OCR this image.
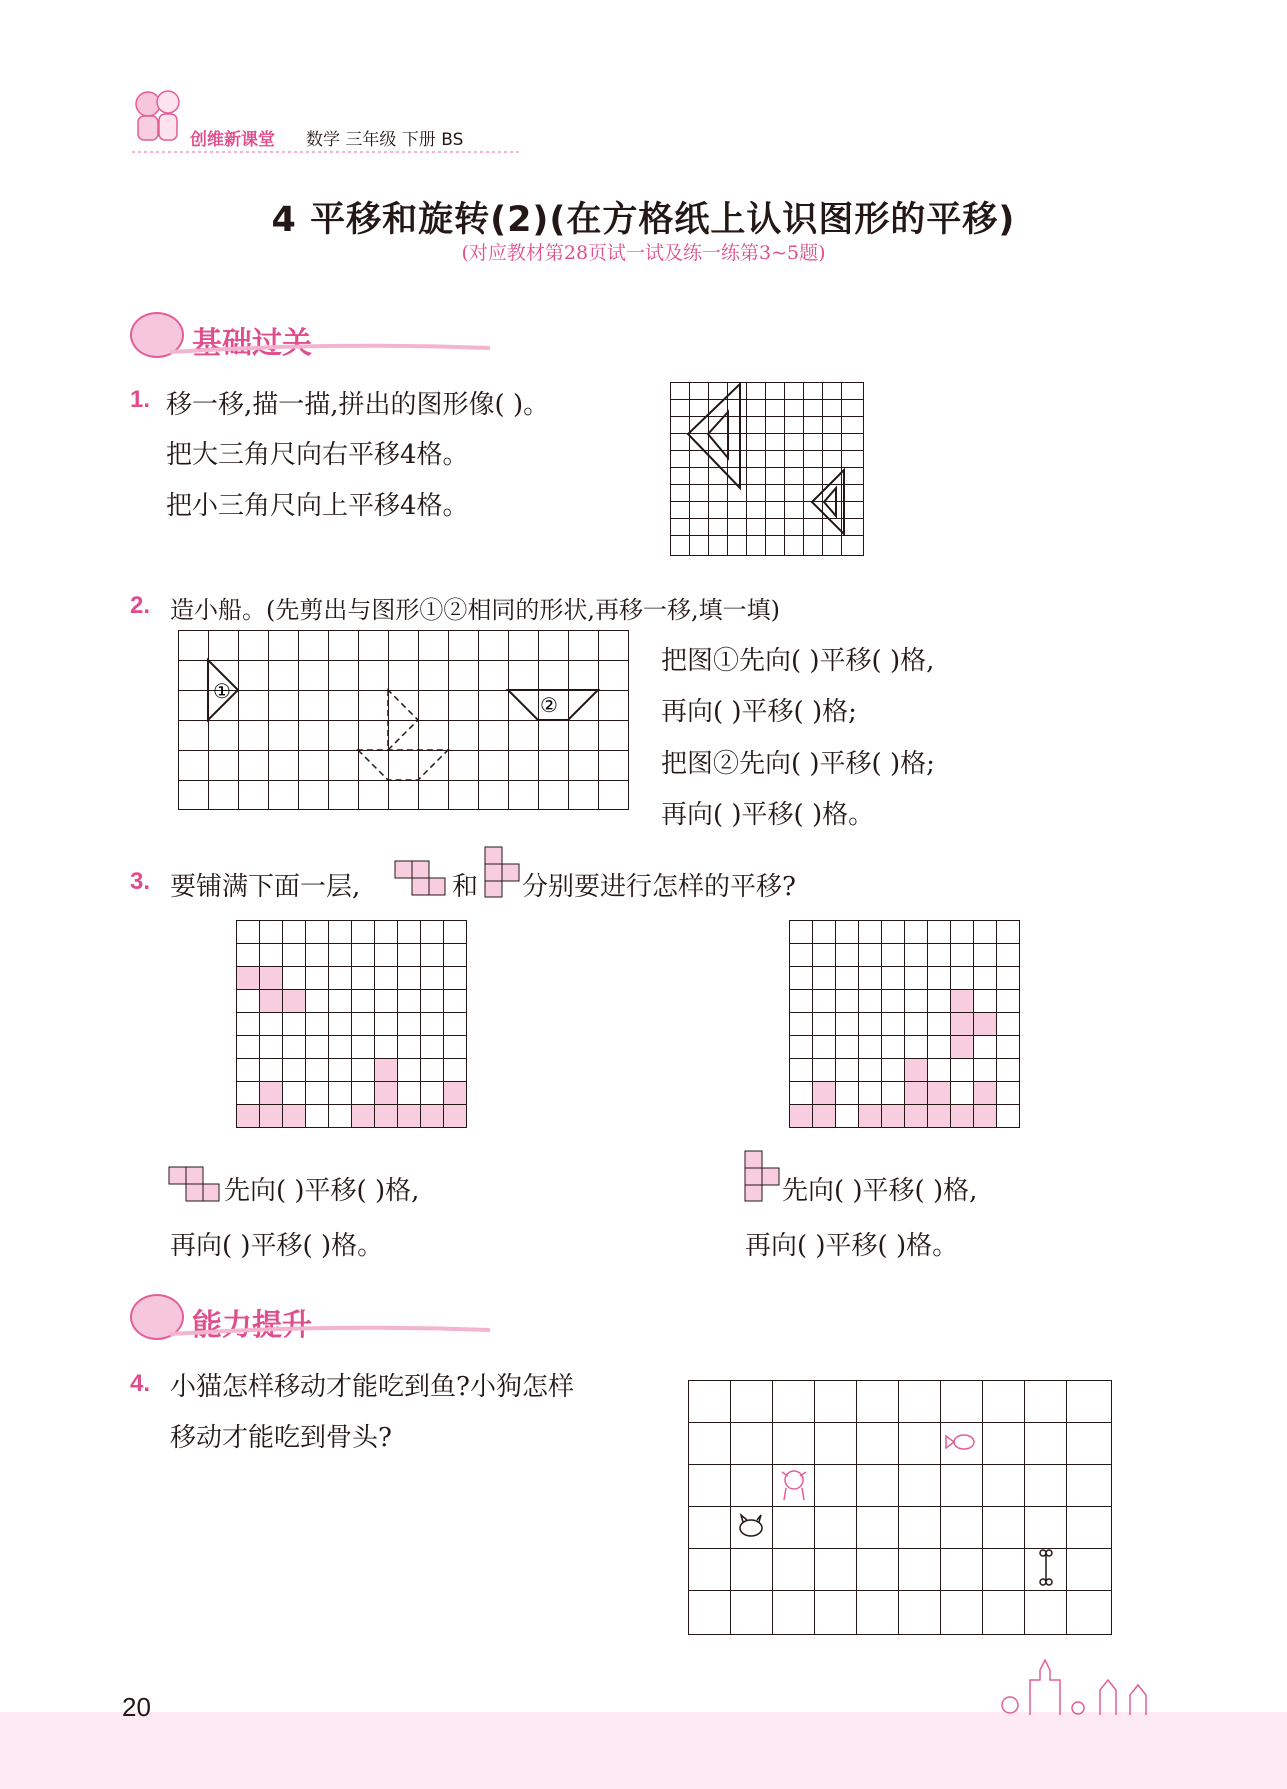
创维新课堂 数学 三年级 下册 BS
4 平移和旋转(2)(在方格纸上认识图形的平移)
(对应教材第28页试一试及练一练第3~5题)
基础过关
1. 移一移,描一描,拼出的图形像( )。
把大三角尺向右平移4格。
把小三角尺向上平移4格。
2. 造小船。(先剪出与图形①②相同的形状,再移一移,填一填)
①
②
把图①先向( )平移( )格,
再向( )平移( )格;
把图②先向( )平移( )格;
再向( )平移( )格。
3. 要铺满下面一层,	和 分别要进行怎样的平移?
先向( )平移( )格,
再向( )平移( )格。
先向( )平移( )格,
再向( )平移( )格。
能力提升
4. 小猫怎样移动才能吃到鱼?小狗怎样
移动才能吃到骨头?
20
